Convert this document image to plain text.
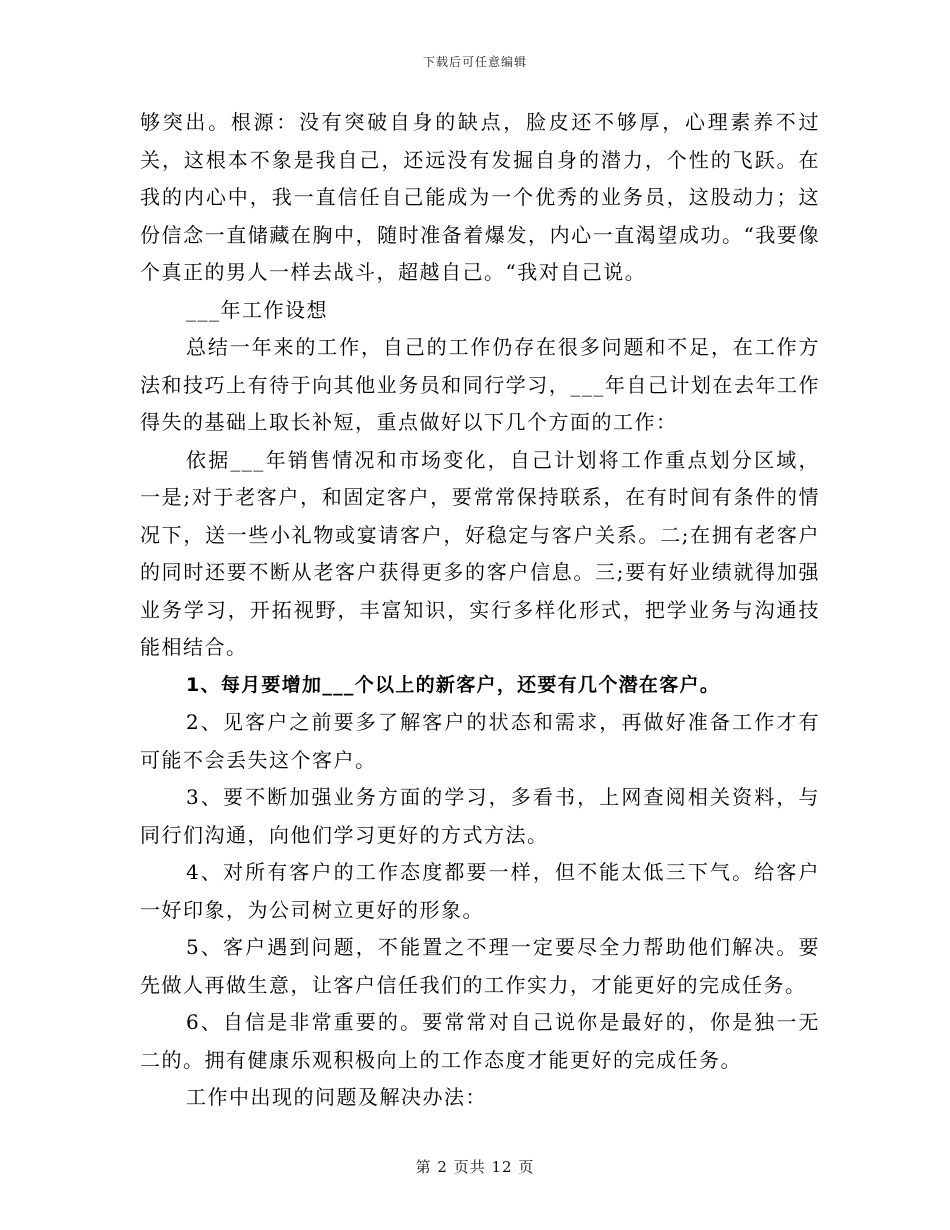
下载后可任意编辑

够突出。根源：没有突破自身的缺点，脸皮还不够厚，心理素养不过关，这根本不象是我自己，还远没有发掘自身的潜力，个性的飞跃。在我的内心中，我一直信任自己能成为一个优秀的业务员，这股动力；这份信念一直储藏在胸中，随时准备着爆发，内心一直渴望成功。“我要像个真正的男人一样去战斗，超越自己。“我对自己说。

___年工作设想

总结一年来的工作，自己的工作仍存在很多问题和不足，在工作方法和技巧上有待于向其他业务员和同行学习，___年自己计划在去年工作得失的基础上取长补短，重点做好以下几个方面的工作：

依据___年销售情况和市场变化，自己计划将工作重点划分区域，一是;对于老客户，和固定客户，要常常保持联系，在有时间有条件的情况下，送一些小礼物或宴请客户，好稳定与客户关系。二;在拥有老客户的同时还要不断从老客户获得更多的客户信息。三;要有好业绩就得加强业务学习，开拓视野，丰富知识，实行多样化形式，把学业务与沟通技能相结合。

1、每月要增加___个以上的新客户，还要有几个潜在客户。

2、见客户之前要多了解客户的状态和需求，再做好准备工作才有可能不会丢失这个客户。

3、要不断加强业务方面的学习，多看书，上网查阅相关资料，与同行们沟通，向他们学习更好的方式方法。

4、对所有客户的工作态度都要一样，但不能太低三下气。给客户一好印象，为公司树立更好的形象。

5、客户遇到问题，不能置之不理一定要尽全力帮助他们解决。要先做人再做生意，让客户信任我们的工作实力，才能更好的完成任务。

6、自信是非常重要的。要常常对自己说你是最好的，你是独一无二的。拥有健康乐观积极向上的工作态度才能更好的完成任务。

工作中出现的问题及解决办法：

第 2 页共 12 页
